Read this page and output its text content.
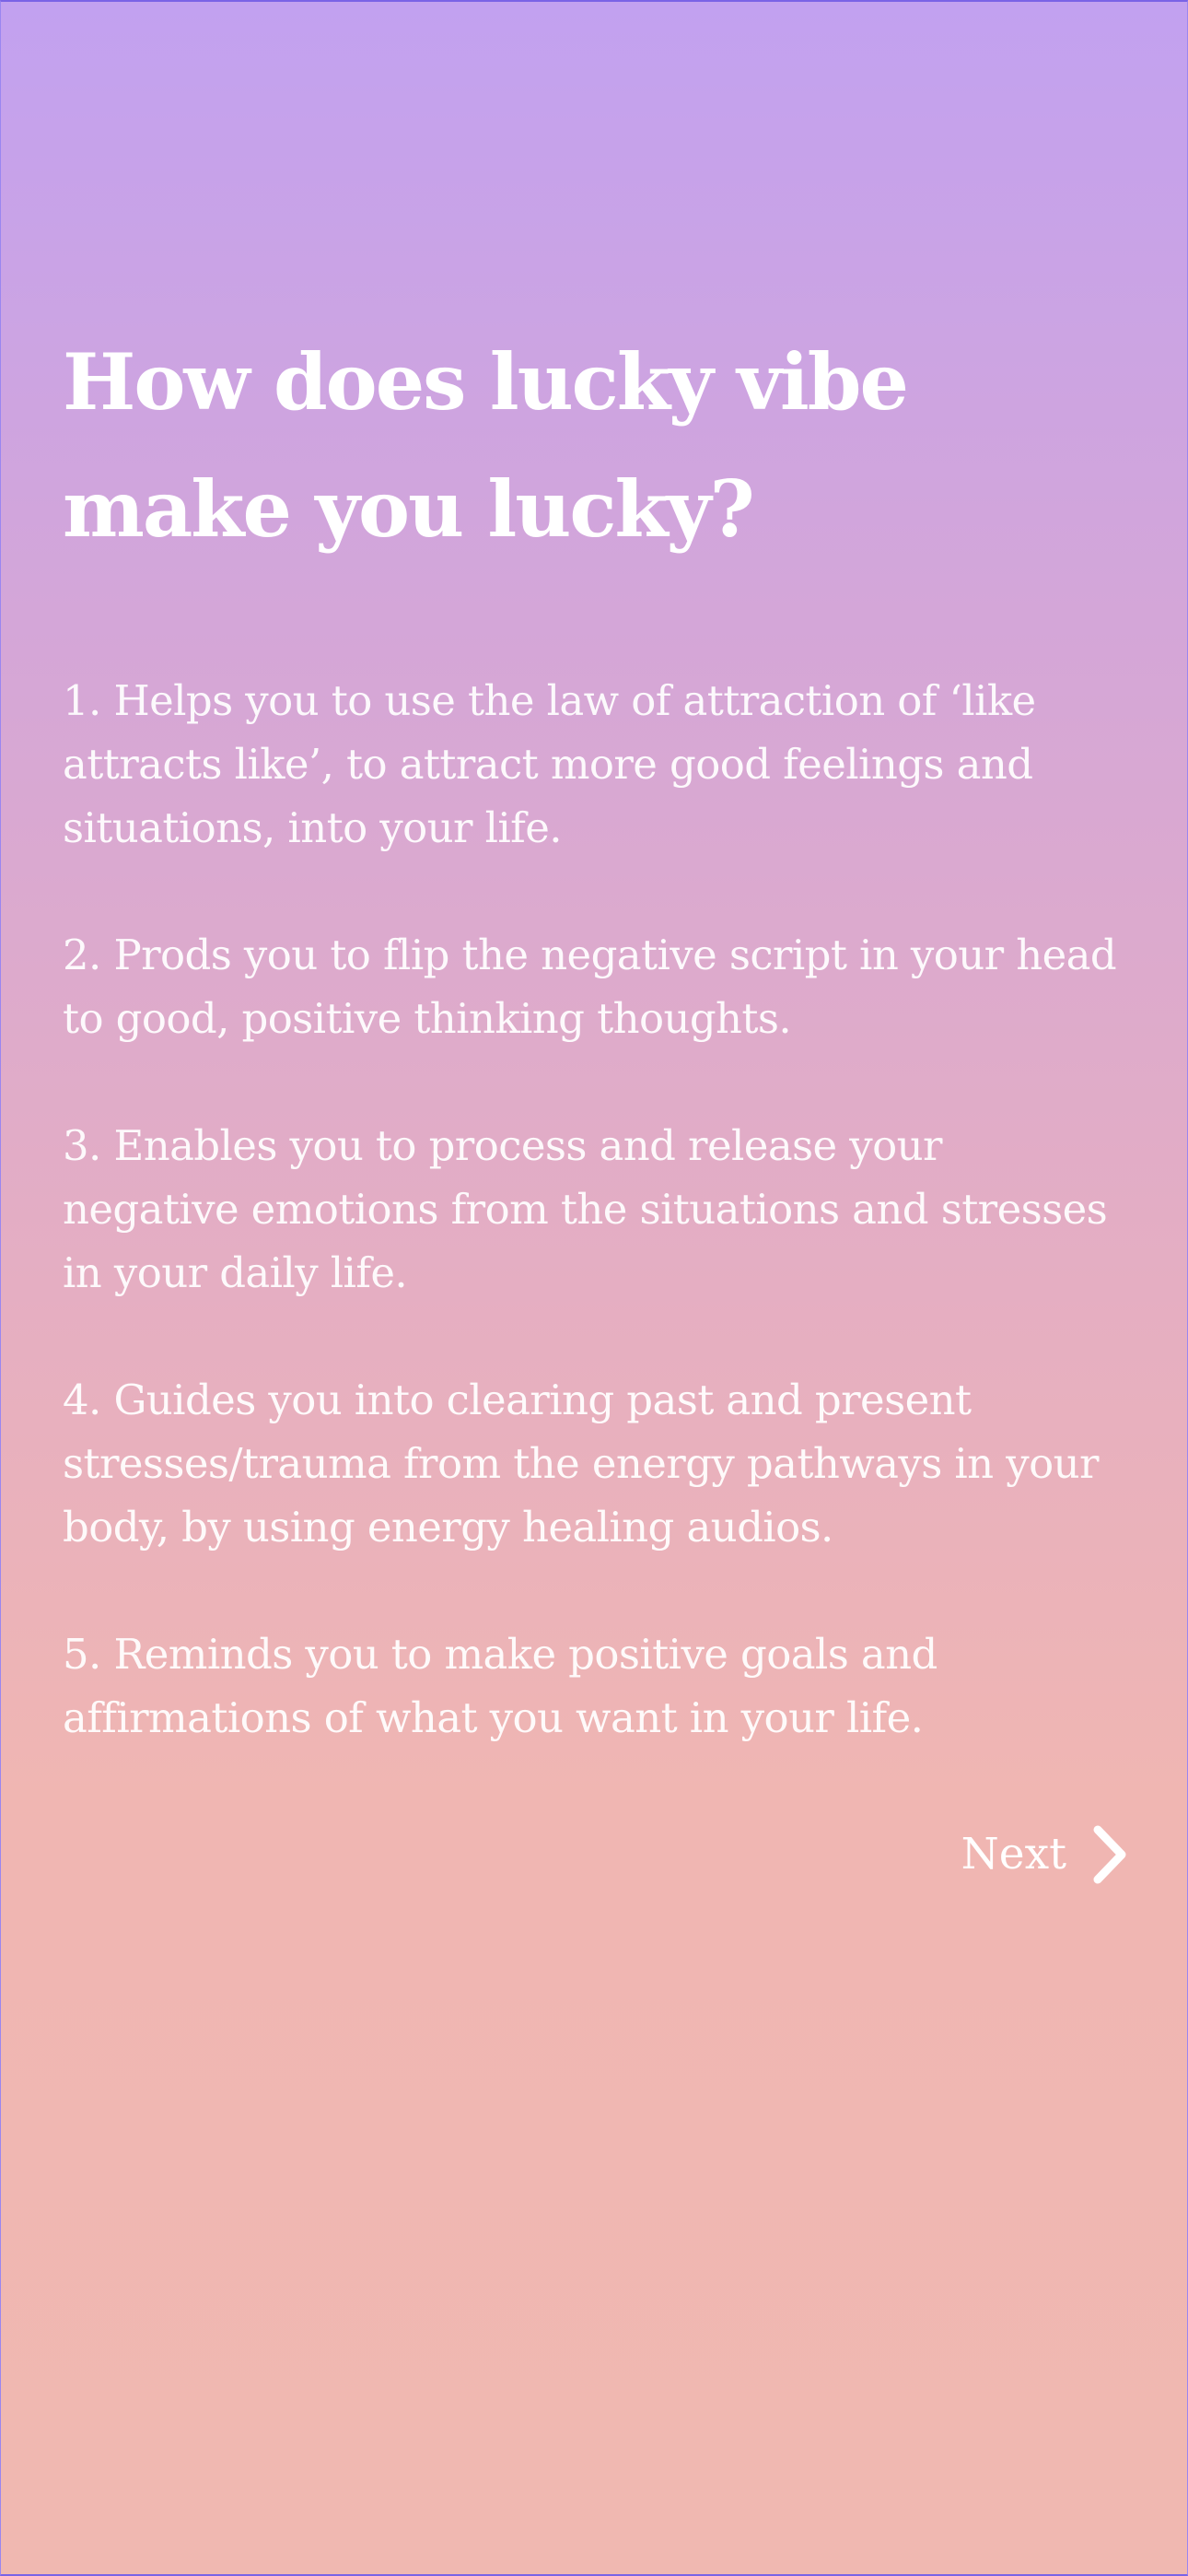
How does lucky vibe make you lucky?
1. Helps you to use the law of attraction of ‘like attracts like’, to attract more good feelings and situations, into your life.
2. Prods you to flip the negative script in your head to good, positive thinking thoughts.
3. Enables you to process and release your negative emotions from the situations and stresses in your daily life.
4. Guides you into clearing past and present stresses/trauma from the energy pathways in your body, by using energy healing audios.
5. Reminds you to make positive goals and affirmations of what you want in your life.
Next
